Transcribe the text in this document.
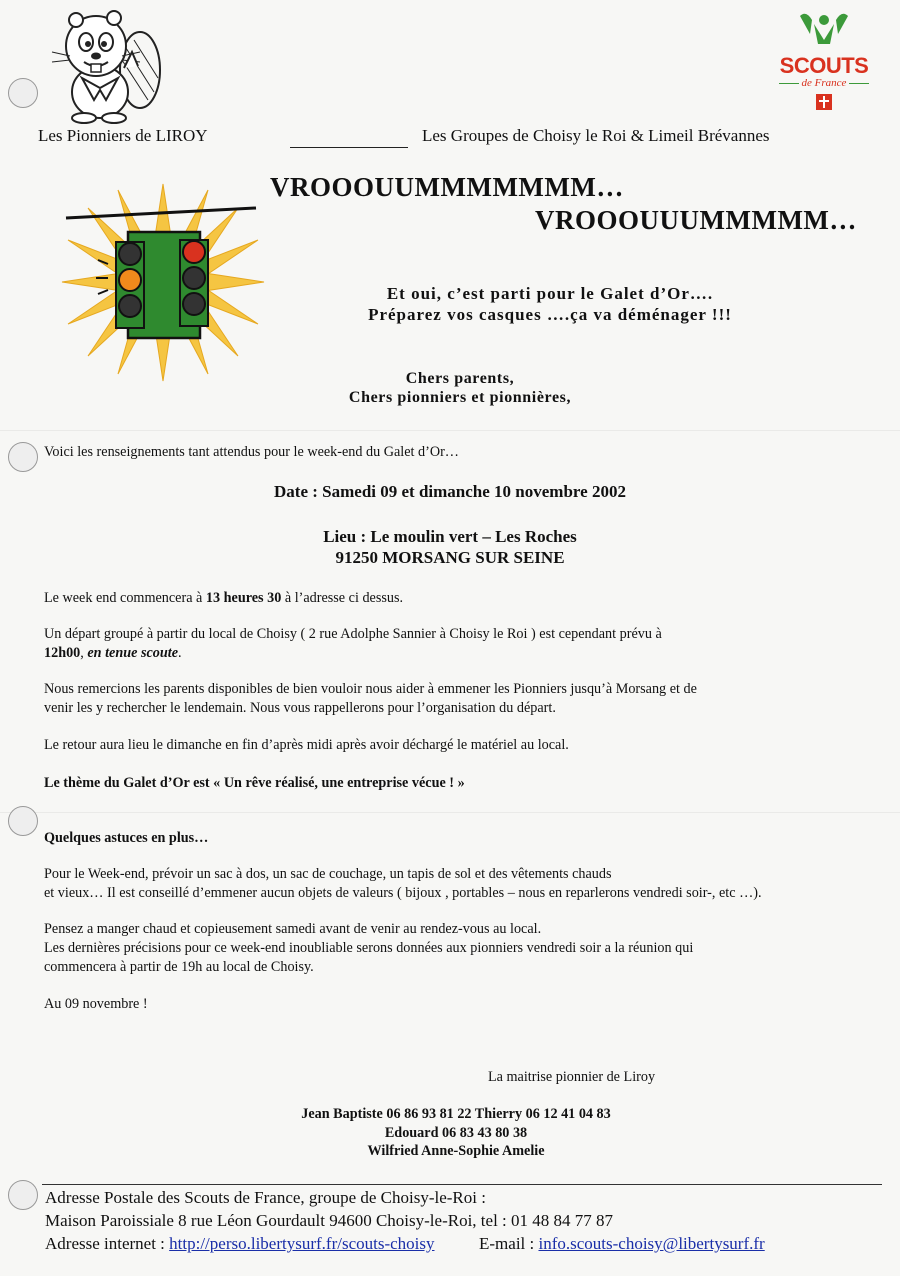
SCOUTS
de France
Les Pionniers de LIROY	Les Groupes de Choisy le Roi & Limeil Brévannes
VROOOUUMMMMMMM…
VROOOUUUMMMMM…
Et oui, c’est parti pour le Galet d’Or….
Préparez vos casques ….ça va déménager !!!
Chers parents,
Chers pionniers et pionnières,
Voici les renseignements tant attendus pour le week-end du Galet d’Or…
Date : Samedi 09 et dimanche 10 novembre 2002
Lieu : Le moulin vert – Les Roches
91250 MORSANG SUR SEINE
Le week end commencera à 13 heures 30 à l’adresse ci dessus.
Un départ groupé à partir du local de Choisy ( 2 rue Adolphe Sannier à Choisy le Roi ) est cependant prévu à
12h00, en tenue scoute.
Nous remercions les parents disponibles de bien vouloir nous aider à emmener les Pionniers jusqu’à Morsang et de
venir les y rechercher le lendemain. Nous vous rappellerons pour l’organisation du départ.
Le retour aura lieu le dimanche en fin d’après midi après avoir déchargé le matériel au local.
Le thème du Galet d’Or est « Un rêve réalisé, une entreprise vécue ! »
Quelques astuces en plus…
Pour le Week-end, prévoir un sac à dos, un sac de couchage, un tapis de sol et des vêtements chauds
et vieux… Il est conseillé d’emmener aucun objets de valeurs ( bijoux , portables – nous en reparlerons vendredi soir-, etc …).
Pensez a manger chaud et copieusement samedi avant de venir au rendez-vous au local.
Les dernières précisions pour ce week-end inoubliable serons données aux pionniers vendredi soir a la réunion qui
commencera à partir de 19h au local de Choisy.
Au 09 novembre !
La maitrise pionnier de Liroy
Jean Baptiste 06 86 93 81 22 Thierry 06 12 41 04 83
Edouard 06 83 43 80 38
Wilfried Anne-Sophie Amelie
Adresse Postale des Scouts de France, groupe de Choisy-le-Roi :
Maison Paroissiale 8 rue Léon Gourdault 94600 Choisy-le-Roi, tel : 01 48 84 77 87
Adresse internet : http://perso.libertysurf.fr/scouts-choisy	E-mail : info.scouts-choisy@libertysurf.fr
